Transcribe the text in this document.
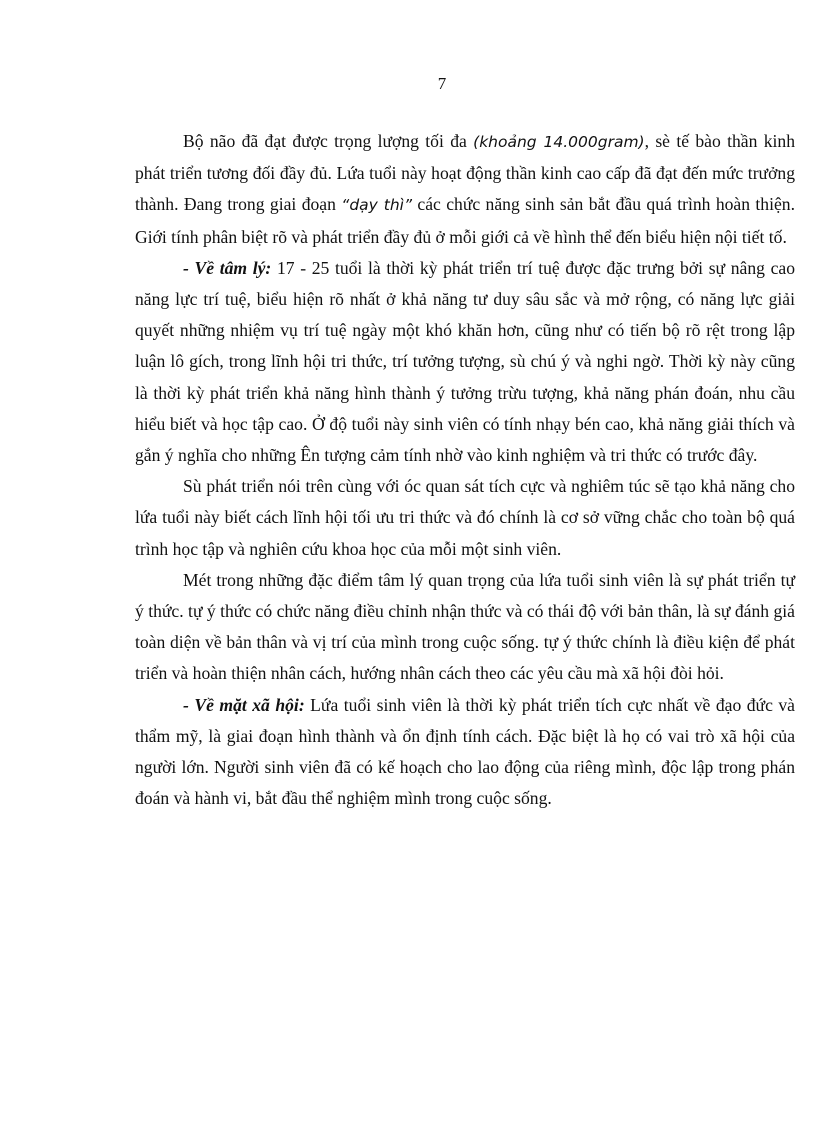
7

Bộ não đã đạt được trọng lượng tối đa (khoảng 14.000gram), sè tế bào thần kinh phát triển tương đối đầy đủ. Lứa tuổi này hoạt động thần kinh cao cấp đã đạt đến mức trưởng thành. Đang trong giai đoạn “dạy thì” các chức năng sinh sản bắt đầu quá trình hoàn thiện. Giới tính phân biệt rõ và phát triển đầy đủ ở mỗi giới cả về hình thể đến biểu hiện nội tiết tố.

- Về tâm lý: 17 - 25 tuổi là thời kỳ phát triển trí tuệ được đặc trưng bởi sự nâng cao năng lực trí tuệ, biểu hiện rõ nhất ở khả năng tư duy sâu sắc và mở rộng, có năng lực giải quyết những nhiệm vụ trí tuệ ngày một khó khăn hơn, cũng như có tiến bộ rõ rệt trong lập luận lô gích, trong lĩnh hội tri thức, trí tưởng tượng, sù chú ý và nghi ngờ. Thời kỳ này cũng là thời kỳ phát triển khả năng hình thành ý tưởng trừu tượng, khả năng phán đoán, nhu cầu hiểu biết và học tập cao. Ở độ tuổi này sinh viên có tính nhạy bén cao, khả năng giải thích và gắn ý nghĩa cho những Ên tượng cảm tính nhờ vào kinh nghiệm và tri thức có trước đây.

Sù phát triển nói trên cùng với óc quan sát tích cực và nghiêm túc sẽ tạo khả năng cho lứa tuổi này biết cách lĩnh hội tối ưu tri thức và đó chính là cơ sở vững chắc cho toàn bộ quá trình học tập và nghiên cứu khoa học của mỗi một sinh viên.

Mét trong những đặc điểm tâm lý quan trọng của lứa tuổi sinh viên là sự phát triển tự ý thức. tự ý thức có chức năng điều chỉnh nhận thức và có thái độ với bản thân, là sự đánh giá toàn diện về bản thân và vị trí của mình trong cuộc sống. tự ý thức chính là điều kiện để phát triển và hoàn thiện nhân cách, hướng nhân cách theo các yêu cầu mà xã hội đòi hỏi.

- Về mặt xã hội: Lứa tuổi sinh viên là thời kỳ phát triển tích cực nhất về đạo đức và thẩm mỹ, là giai đoạn hình thành và ổn định tính cách. Đặc biệt là họ có vai trò xã hội của người lớn. Người sinh viên đã có kế hoạch cho lao động của riêng mình, độc lập trong phán đoán và hành vi, bắt đầu thể nghiệm mình trong cuộc sống.
